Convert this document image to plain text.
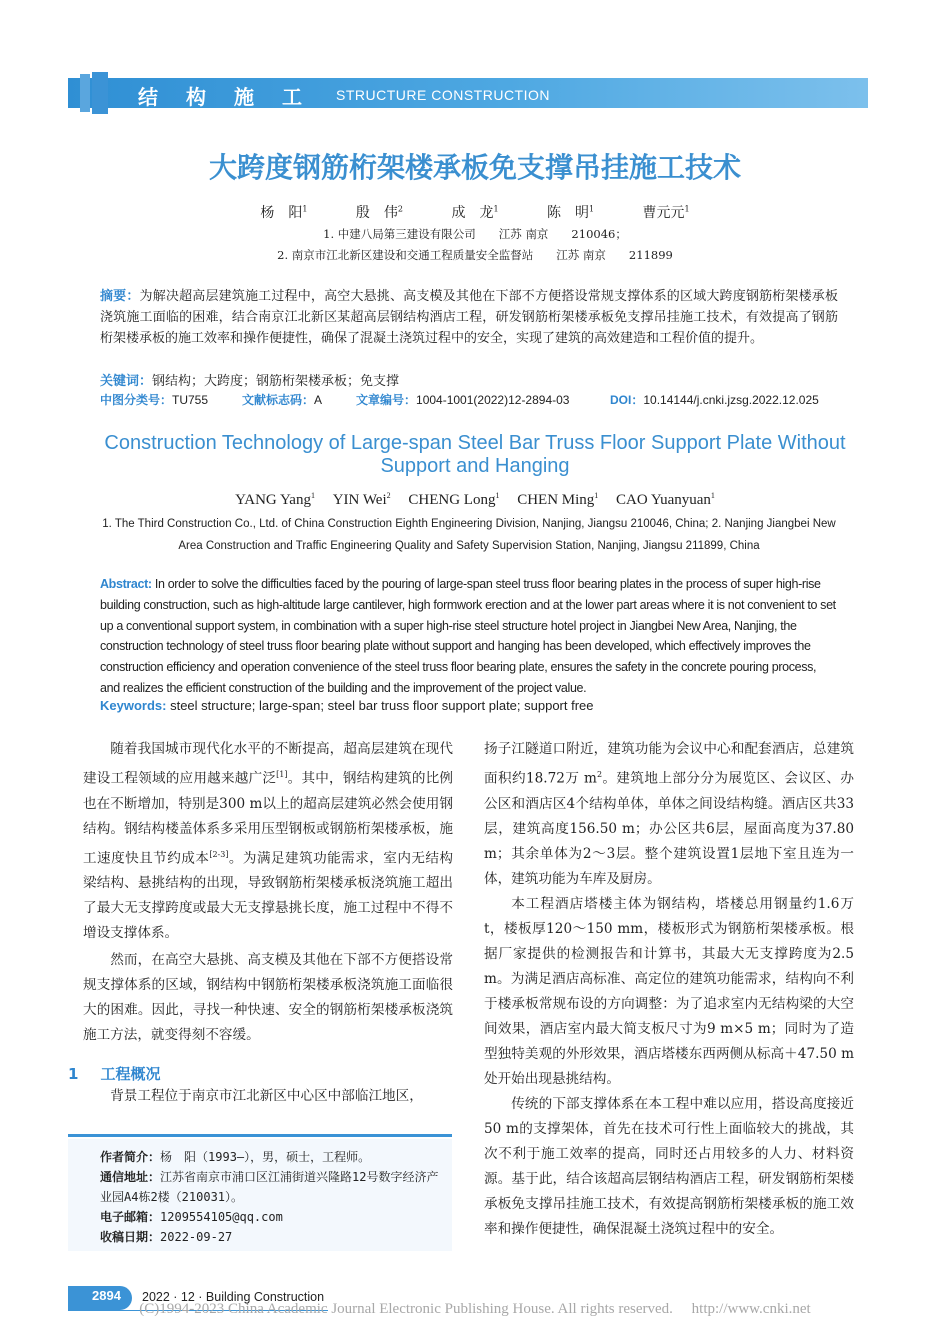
结构施工 STRUCTURE CONSTRUCTION
大跨度钢筋桁架楼承板免支撑吊挂施工技术
杨　阳$^1$	殷　伟$^2$	成　龙$^1$	陈　明$^1$	曹元元$^1$
1. 中建八局第三建设有限公司　　江苏 南京　　210046；
2. 南京市江北新区建设和交通工程质量安全监督站　　江苏 南京　　211899
摘要：为解决超高层建筑施工过程中，高空大悬挑、高支模及其他在下部不方便搭设常规支撑体系的区域大跨度钢筋桁架楼承板浇筑施工面临的困难，结合南京江北新区某超高层钢结构酒店工程，研发钢筋桁架楼承板免支撑吊挂施工技术，有效提高了钢筋桁架楼承板的施工效率和操作便捷性，确保了混凝土浇筑过程中的安全，实现了建筑的高效建造和工程价值的提升。
关键词：钢结构；大跨度；钢筋桁架楼承板；免支撑
中图分类号：TU755	文献标志码：A	文章编号：1004-1001(2022)12-2894-03	DOI：10.14144/j.cnki.jzsg.2022.12.025
Construction Technology of Large-span Steel Bar Truss Floor Support Plate Without Support and Hanging
YANG Yang$^1$ YIN Wei$^2$ CHENG Long$^1$ CHEN Ming$^1$ CAO Yuanyuan$^1$
1. The Third Construction Co., Ltd. of China Construction Eighth Engineering Division, Nanjing, Jiangsu 210046, China; 2. Nanjing Jiangbei New Area Construction and Traffic Engineering Quality and Safety Supervision Station, Nanjing, Jiangsu 211899, China
Abstract: In order to solve the difficulties faced by the pouring of large-span steel truss floor bearing plates in the process of super high-rise building construction, such as high-altitude large cantilever, high formwork erection and at the lower part areas where it is not convenient to set up a conventional support system, in combination with a super high-rise steel structure hotel project in Jiangbei New Area, Nanjing, the construction technology of steel truss floor bearing plate without support and hanging has been developed, which effectively improves the construction efficiency and operation convenience of the steel truss floor bearing plate, ensures the safety in the concrete pouring process, and realizes the efficient construction of the building and the improvement of the project value.
Keywords: steel structure; large-span; steel bar truss floor support plate; support free

随着我国城市现代化水平的不断提高，超高层建筑在现代建设工程领域的应用越来越广泛[1]。其中，钢结构建筑的比例也在不断增加，特别是300 m以上的超高层建筑必然会使用钢结构。钢结构楼盖体系多采用压型钢板或钢筋桁架楼承板，施工速度快且节约成本[2-3]。为满足建筑功能需求，室内无结构梁结构、悬挑结构的出现，导致钢筋桁架楼承板浇筑施工超出了最大无支撑跨度或最大无支撑悬挑长度，施工过程中不得不增设支撑体系。

然而，在高空大悬挑、高支模及其他在下部不方便搭设常规支撑体系的区域，钢结构中钢筋桁架楼承板浇筑施工面临很大的困难。因此，寻找一种快速、安全的钢筋桁架楼承板浇筑施工方法，就变得刻不容缓。

1 工程概况

背景工程位于南京市江北新区中心区中部临江地区，

扬子江隧道口附近，建筑功能为会议中心和配套酒店，总建筑面积约18.72万 $m^2$。建筑地上部分分为展览区、会议区、办公区和酒店区4个结构单体，单体之间设结构缝。酒店区共33层，建筑高度156.50 m；办公区共6层，屋面高度为37.80 m；其余单体为2～3层。整个建筑设置1层地下室且连为一体，建筑功能为车库及厨房。

本工程酒店塔楼主体为钢结构，塔楼总用钢量约1.6万 t，楼板厚120～150 mm，楼板形式为钢筋桁架楼承板。根据厂家提供的检测报告和计算书，其最大无支撑跨度为2.5 m。为满足酒店高标准、高定位的建筑功能需求，结构向不利于楼承板常规布设的方向调整：为了追求室内无结构梁的大空间效果，酒店室内最大简支板尺寸为9 m×5 m；同时为了造型独特美观的外形效果，酒店塔楼东西两侧从标高＋47.50 m处开始出现悬挑结构。

传统的下部支撑体系在本工程中难以应用，搭设高度接近50 m的支撑架体，首先在技术可行性上面临较大的挑战，其次不利于施工效率的提高，同时还占用较多的人力、材料资源。基于此，结合该超高层钢结构酒店工程，研发钢筋桁架楼承板免支撑吊挂施工技术，有效提高钢筋桁架楼承板的施工效率和操作便捷性，确保混凝土浇筑过程中的安全。

作者简介：杨　阳（1993—），男，硕士，工程师。
通信地址：江苏省南京市浦口区江浦街道兴隆路12号数字经济产业园A4栋2楼（210031）。
电子邮箱：1209554105@qq.com
收稿日期：2022-09-27
2894 2022 · 12 · Building Construction
(C)1994-2023 China Academic Journal Electronic Publishing House. All rights reserved.　 http://www.cnki.net
